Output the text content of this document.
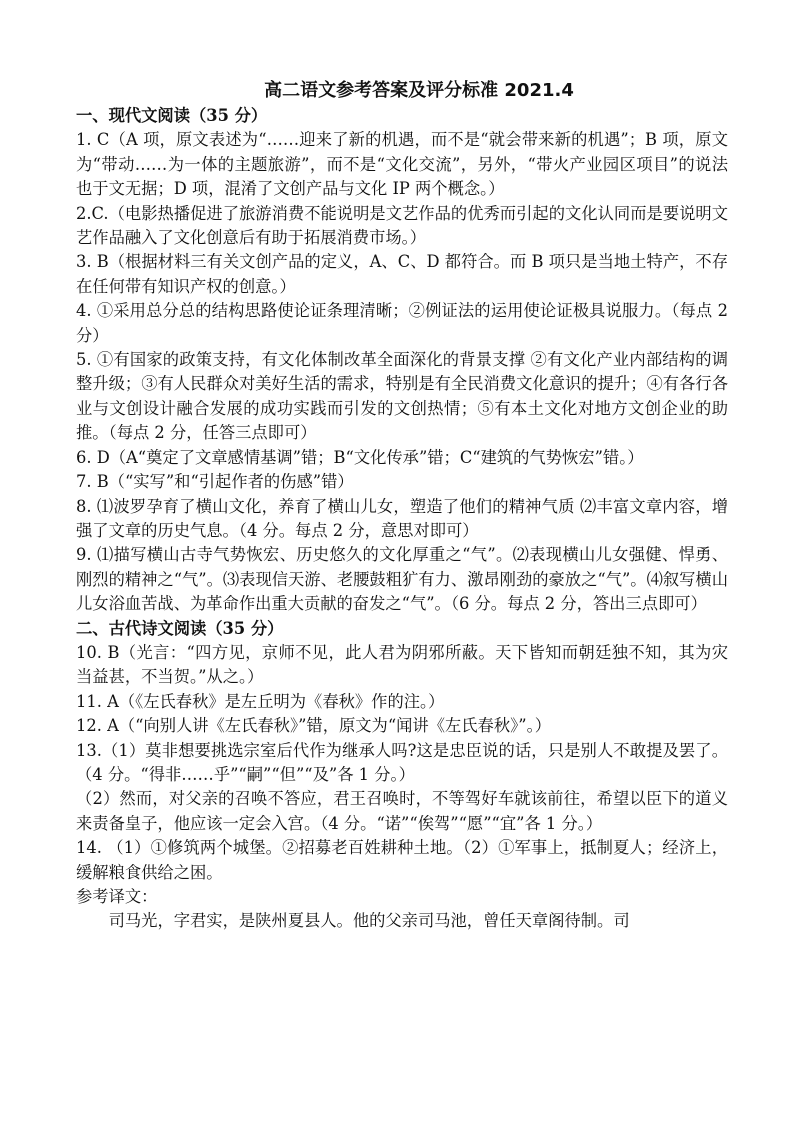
高二语文参考答案及评分标准 2021.4
一、现代文阅读（35 分）
1. C（A 项，原文表述为“……迎来了新的机遇，而不是“就会带来新的机遇”；B 项，原文为“带动……为一体的主题旅游”，而不是“文化交流”，另外，“带火产业园区项目”的说法也于文无据；D 项，混淆了文创产品与文化 IP 两个概念。）
2.C.（电影热播促进了旅游消费不能说明是文艺作品的优秀而引起的文化认同而是要说明文艺作品融入了文化创意后有助于拓展消费市场。）
3. B（根据材料三有关文创产品的定义，A、C、D 都符合。而 B 项只是当地土特产，不存在任何带有知识产权的创意。）
4. ①采用总分总的结构思路使论证条理清晰；②例证法的运用使论证极具说服力。（每点 2 分）
5. ①有国家的政策支持，有文化体制改革全面深化的背景支撑 ②有文化产业内部结构的调整升级；③有人民群众对美好生活的需求，特别是有全民消费文化意识的提升；④有各行各业与文创设计融合发展的成功实践而引发的文创热情；⑤有本土文化对地方文创企业的助推。（每点 2 分，任答三点即可）
6. D（A“奠定了文章感情基调”错；B“文化传承”错；C“建筑的气势恢宏”错。）
7. B（“实写”和“引起作者的伤感”错）
8. ⑴波罗孕育了横山文化，养育了横山儿女，塑造了他们的精神气质 ⑵丰富文章内容，增强了文章的历史气息。（4 分。每点 2 分，意思对即可）
9. ⑴描写横山古寺气势恢宏、历史悠久的文化厚重之“气”。⑵表现横山儿女强健、悍勇、刚烈的精神之“气”。⑶表现信天游、老腰鼓粗犷有力、激昂刚劲的豪放之“气”。⑷叙写横山儿女浴血苦战、为革命作出重大贡献的奋发之“气”。（6 分。每点 2 分，答出三点即可）
二、古代诗文阅读（35 分）
10. B（光言：“四方见，京师不见，此人君为阴邪所蔽。天下皆知而朝廷独不知，其为灾当益甚，不当贺。”从之。）
11. A（《左氏春秋》是左丘明为《春秋》作的注。）
12. A（“向别人讲《左氏春秋》”错，原文为“闻讲《左氏春秋》”。）
13.（1）莫非想要挑选宗室后代作为继承人吗?这是忠臣说的话，只是别人不敢提及罢了。（4 分。“得非……乎”“嗣”“但”“及”各 1 分。）
（2）然而，对父亲的召唤不答应，君王召唤时，不等驾好车就该前往，希望以臣下的道义来责备皇子，他应该一定会入宫。（4 分。“诺”“俟驾”“愿”“宜”各 1 分。）
14. （1）①修筑两个城堡。②招募老百姓耕种土地。（2）①军事上，抵制夏人；经济上，缓解粮食供给之困。
参考译文：
司马光，字君实，是陕州夏县人。他的父亲司马池，曾任天章阁待制。司
